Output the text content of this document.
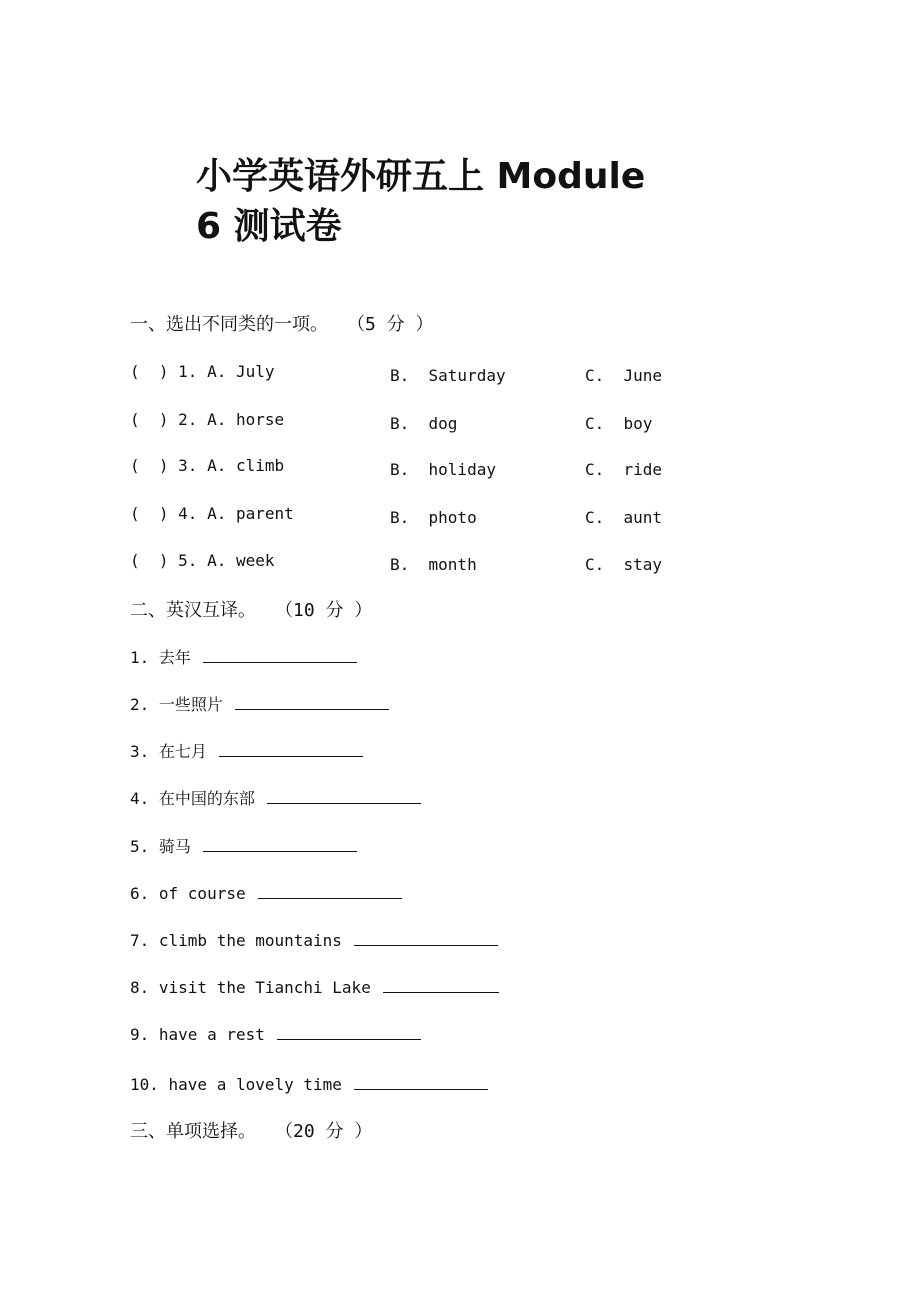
小学英语外研五上 Module
6 测试卷
一、选出不同类的一项。 （5 分 ）
(  ) 1. A. July	B.  Saturday	C.  June
(  ) 2. A. horse	B.  dog	C.  boy
(  ) 3. A. climb	B.  holiday	C.  ride
(  ) 4. A. parent	B.  photo	C.  aunt
(  ) 5. A. week	B.  month	C.  stay
二、英汉互译。 （10 分 ）
1. 去年
2. 一些照片
3. 在七月
4. 在中国的东部
5. 骑马
6. of course
7. climb the mountains
8. visit the Tianchi Lake
9. have a rest
10. have a lovely time
三、单项选择。 （20 分 ）
